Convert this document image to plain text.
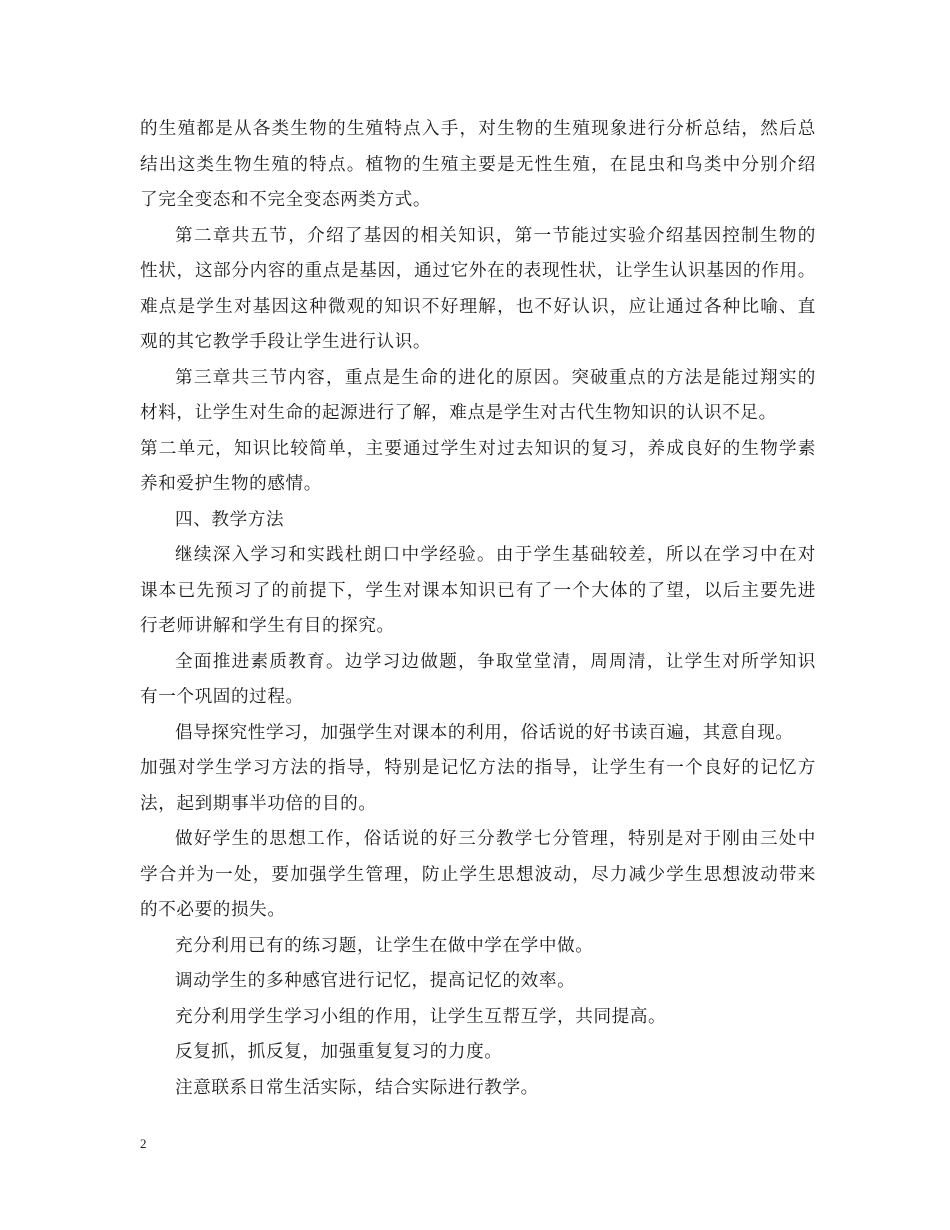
的生殖都是从各类生物的生殖特点入手，对生物的生殖现象进行分析总结，然后总
结出这类生物生殖的特点。植物的生殖主要是无性生殖，在昆虫和鸟类中分别介绍
了完全变态和不完全变态两类方式。
第二章共五节，介绍了基因的相关知识，第一节能过实验介绍基因控制生物的
性状，这部分内容的重点是基因，通过它外在的表现性状，让学生认识基因的作用。
难点是学生对基因这种微观的知识不好理解，也不好认识，应让通过各种比喻、直
观的其它教学手段让学生进行认识。
第三章共三节内容，重点是生命的进化的原因。突破重点的方法是能过翔实的
材料，让学生对生命的起源进行了解，难点是学生对古代生物知识的认识不足。
第二单元，知识比较简单，主要通过学生对过去知识的复习，养成良好的生物学素
养和爱护生物的感情。
四、教学方法
继续深入学习和实践杜朗口中学经验。由于学生基础较差，所以在学习中在对
课本已先预习了的前提下，学生对课本知识已有了一个大体的了望，以后主要先进
行老师讲解和学生有目的探究。
全面推进素质教育。边学习边做题，争取堂堂清，周周清，让学生对所学知识
有一个巩固的过程。
倡导探究性学习，加强学生对课本的利用，俗话说的好书读百遍，其意自现。
加强对学生学习方法的指导，特别是记忆方法的指导，让学生有一个良好的记忆方
法，起到期事半功倍的目的。
做好学生的思想工作，俗话说的好三分教学七分管理，特别是对于刚由三处中
学合并为一处，要加强学生管理，防止学生思想波动，尽力减少学生思想波动带来
的不必要的损失。
充分利用已有的练习题，让学生在做中学在学中做。
调动学生的多种感官进行记忆，提高记忆的效率。
充分利用学生学习小组的作用，让学生互帮互学，共同提高。
反复抓，抓反复，加强重复复习的力度。
注意联系日常生活实际，结合实际进行教学。
2
